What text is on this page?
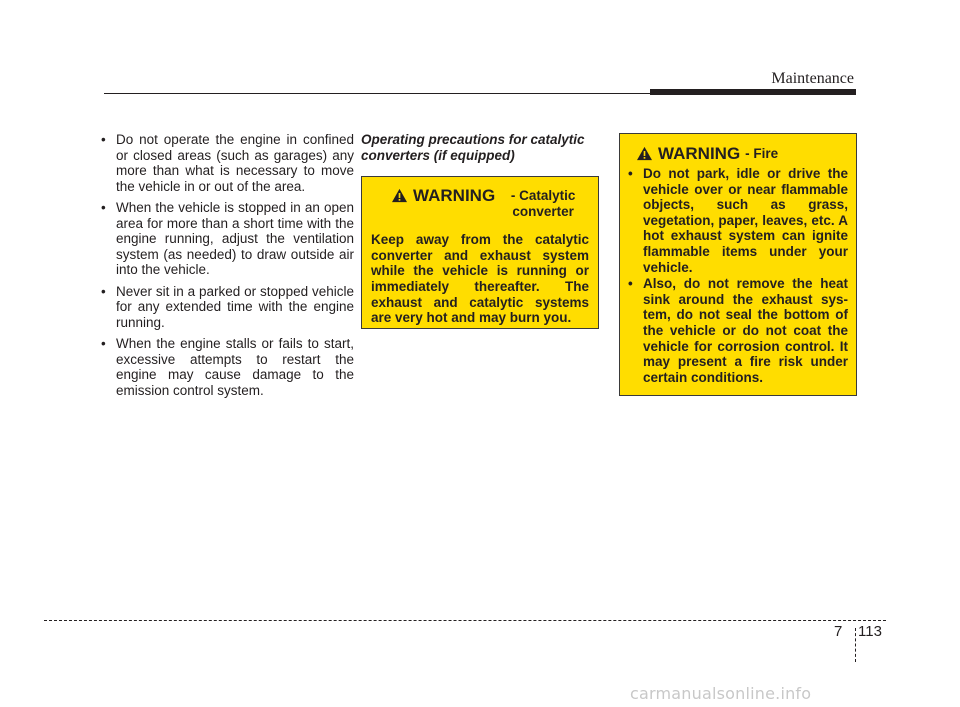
Maintenance
• Do not operate the engine in confined or closed areas (such as garages) any more than what is necessary to move the vehicle in or out of the area.
• When the vehicle is stopped in an open area for more than a short time with the engine running, adjust the ventilation system (as needed) to draw outside air into the vehicle.
• Never sit in a parked or stopped vehicle for any extended time with the engine running.
• When the engine stalls or fails to start, excessive attempts to restart the engine may cause damage to the emission control system.
Operating precautions for catalytic converters (if equipped)
WARNING	- Catalytic converter

Keep away from the catalytic converter and exhaust system while the vehicle is running or immediately thereafter. The exhaust and catalytic systems are very hot and may burn you.

WARNING - Fire
• Do not park, idle or drive the vehicle over or near flammable objects, such as grass, vegetation, paper, leaves, etc. A hot exhaust system can ignite flammable items under your vehicle.
• Also, do not remove the heat sink around the exhaust system, do not seal the bottom of the vehicle or do not coat the vehicle for corrosion control. It may present a fire risk under certain conditions.
7 113
carmanualsonline.info
